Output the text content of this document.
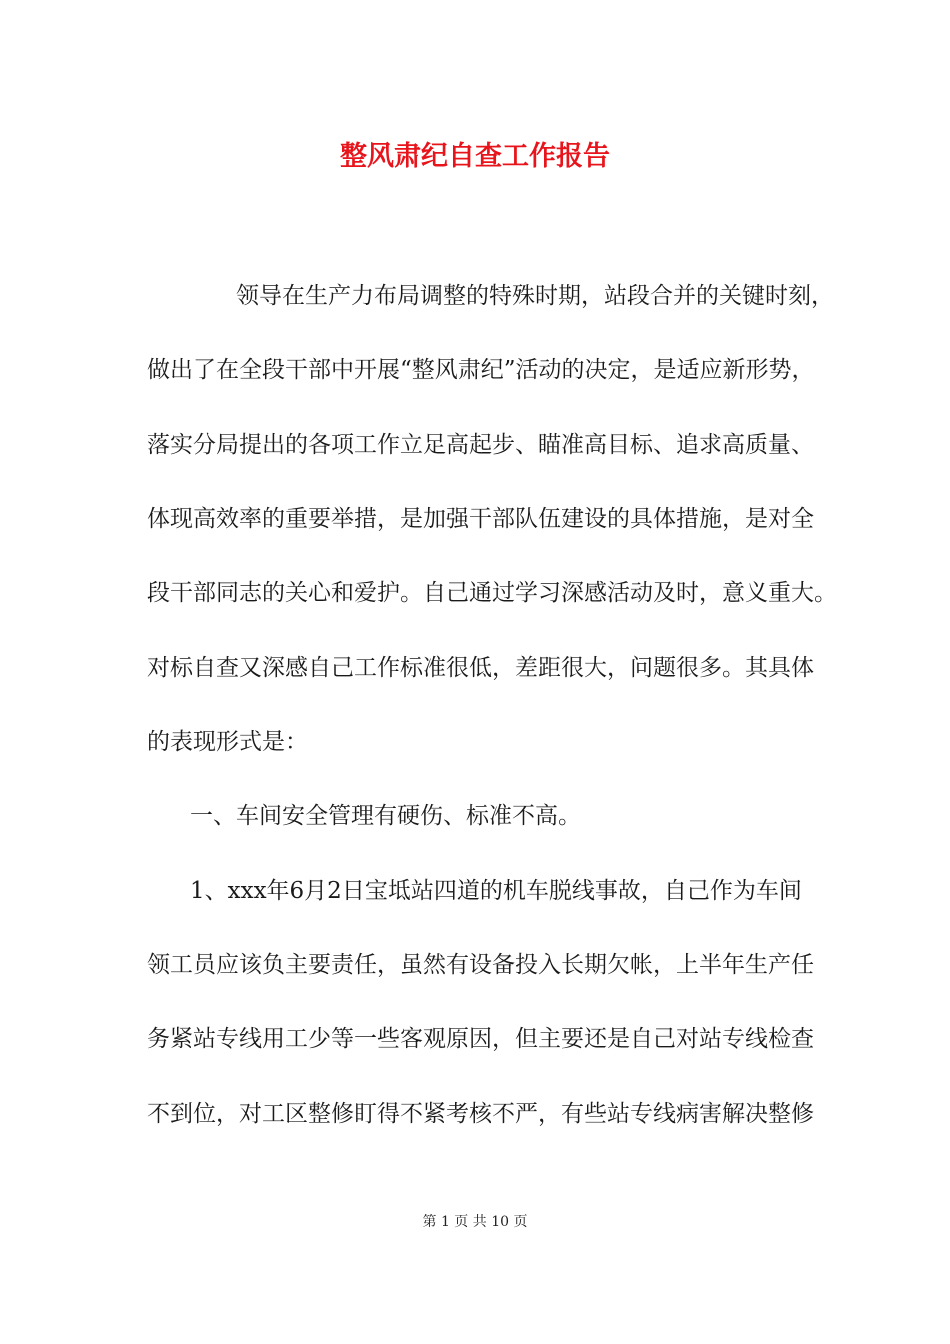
整风肃纪自查工作报告
领导在生产力布局调整的特殊时期，站段合并的关键时刻，
做出了在全段干部中开展“整风肃纪”活动的决定，是适应新形势，
落实分局提出的各项工作立足高起步、瞄准高目标、追求高质量、
体现高效率的重要举措，是加强干部队伍建设的具体措施，是对全
段干部同志的关心和爱护。自己通过学习深感活动及时，意义重大。
对标自查又深感自己工作标准很低，差距很大，问题很多。其具体
的表现形式是：
一、车间安全管理有硬伤、标准不高。
1、xxx年6月2日宝坻站四道的机车脱线事故，自己作为车间
领工员应该负主要责任，虽然有设备投入长期欠帐，上半年生产任
务紧站专线用工少等一些客观原因，但主要还是自己对站专线检查
不到位，对工区整修盯得不紧考核不严，有些站专线病害解决整修
第 1 页 共 10 页
